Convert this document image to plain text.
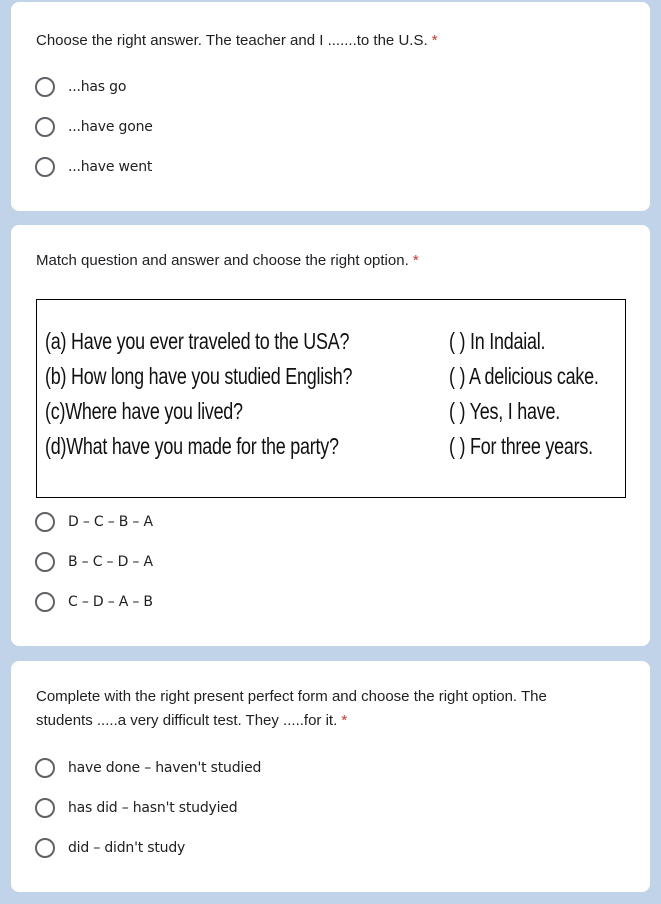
Choose the right answer. The teacher and I .......to the U.S. *
...has go
...have gone
...have went
Match question and answer and choose the right option. *
(a) Have you ever traveled to the USA?
(b) How long have you studied English?
(c)Where have you lived?
(d)What have you made for the party?
( ) In Indaial.
( ) A delicious cake.
( ) Yes, I have.
( ) For three years.
D – C – B – A
B – C – D – A
C – D – A – B
Complete with the right present perfect form and choose the right option. The
students .....a very difficult test. They .....for it. *
have done – haven't studied
has did – hasn't studyied
did – didn't study
